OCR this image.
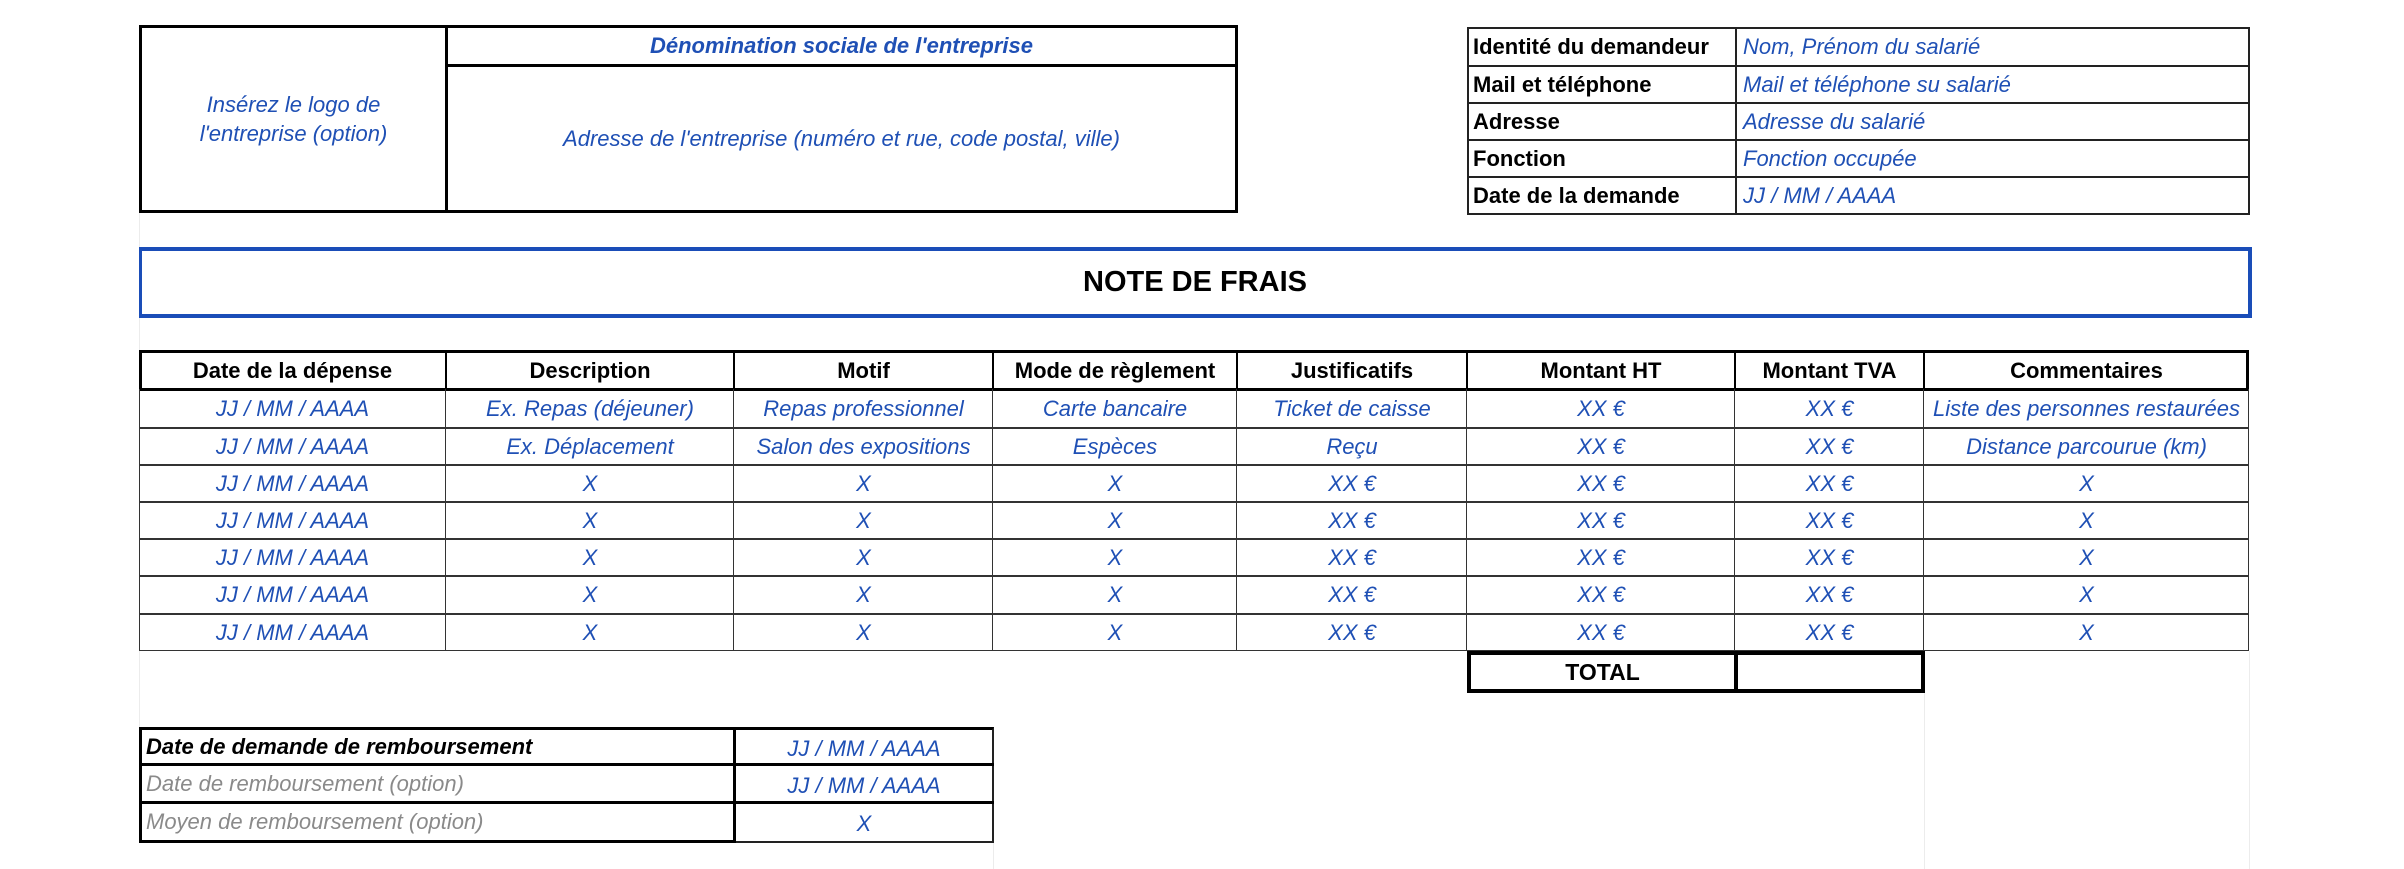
Insérez le logo de
l'entreprise (option)
Dénomination sociale de l'entreprise
Adresse de l'entreprise (numéro et rue, code postal, ville)
Identité du demandeur	Nom, Prénom du salarié
Mail et téléphone	Mail et téléphone su salarié
Adresse	Adresse du salarié
Fonction	Fonction occupée
Date de la demande	JJ / MM / AAAA
NOTE DE FRAIS
Date de la dépense	Description	Motif	Mode de règlement	Justificatifs	Montant HT	Montant TVA	Commentaires
JJ / MM / AAAA	Ex. Repas (déjeuner)	Repas professionnel	Carte bancaire	Ticket de caisse	XX €	XX €	Liste des personnes restaurées
JJ / MM / AAAA	Ex. Déplacement	Salon des expositions	Espèces	Reçu	XX €	XX €	Distance parcourue (km)
JJ / MM / AAAA	X	X	X	XX €	XX €	XX €	X
JJ / MM / AAAA	X	X	X	XX €	XX €	XX €	X
JJ / MM / AAAA	X	X	X	XX €	XX €	XX €	X
JJ / MM / AAAA	X	X	X	XX €	XX €	XX €	X
JJ / MM / AAAA	X	X	X	XX €	XX €	XX €	X
TOTAL
Date de demande de remboursement	JJ / MM / AAAA
Date de remboursement (option)	JJ / MM / AAAA
Moyen de remboursement (option)	X
